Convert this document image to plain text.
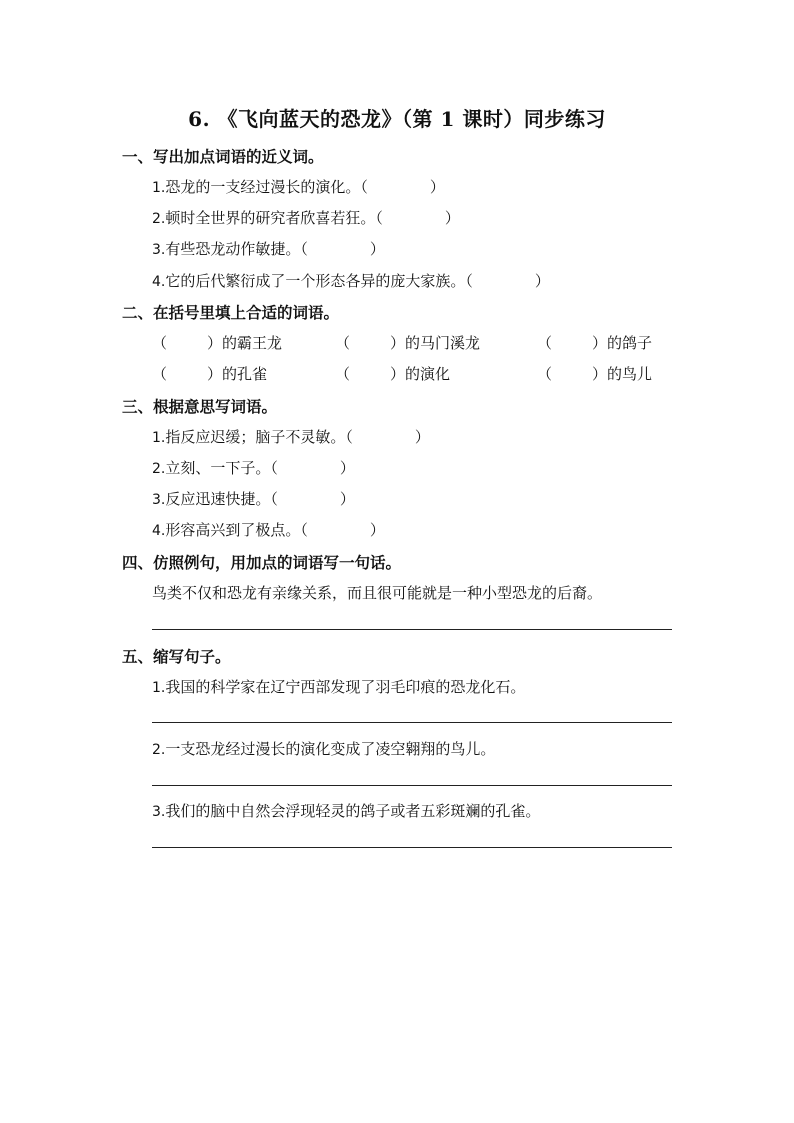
6. 《飞向蓝天的恐龙》（第 1 课时）同步练习
一、写出加点词语的近义词。
1.恐龙的一支经过漫长的演化。（	）
2.顿时全世界的研究者欣喜若狂。（	）
3.有些恐龙动作敏捷。（	）
4.它的后代繁衍成了一个形态各异的庞大家族。（	）
二、在括号里填上合适的词语。
（	）的霸王龙	（	）的马门溪龙	（	）的鸽子
（	）的孔雀	（	）的演化	（	）的鸟儿
三、根据意思写词语。
1.指反应迟缓；脑子不灵敏。（	）
2.立刻、一下子。（	）
3.反应迅速快捷。（	）
4.形容高兴到了极点。（	）
四、仿照例句，用加点的词语写一句话。
鸟类不仅和恐龙有亲缘关系，而且很可能就是一种小型恐龙的后裔。
五、缩写句子。
1.我国的科学家在辽宁西部发现了羽毛印痕的恐龙化石。
2.一支恐龙经过漫长的演化变成了凌空翱翔的鸟儿。
3.我们的脑中自然会浮现轻灵的鸽子或者五彩斑斓的孔雀。
